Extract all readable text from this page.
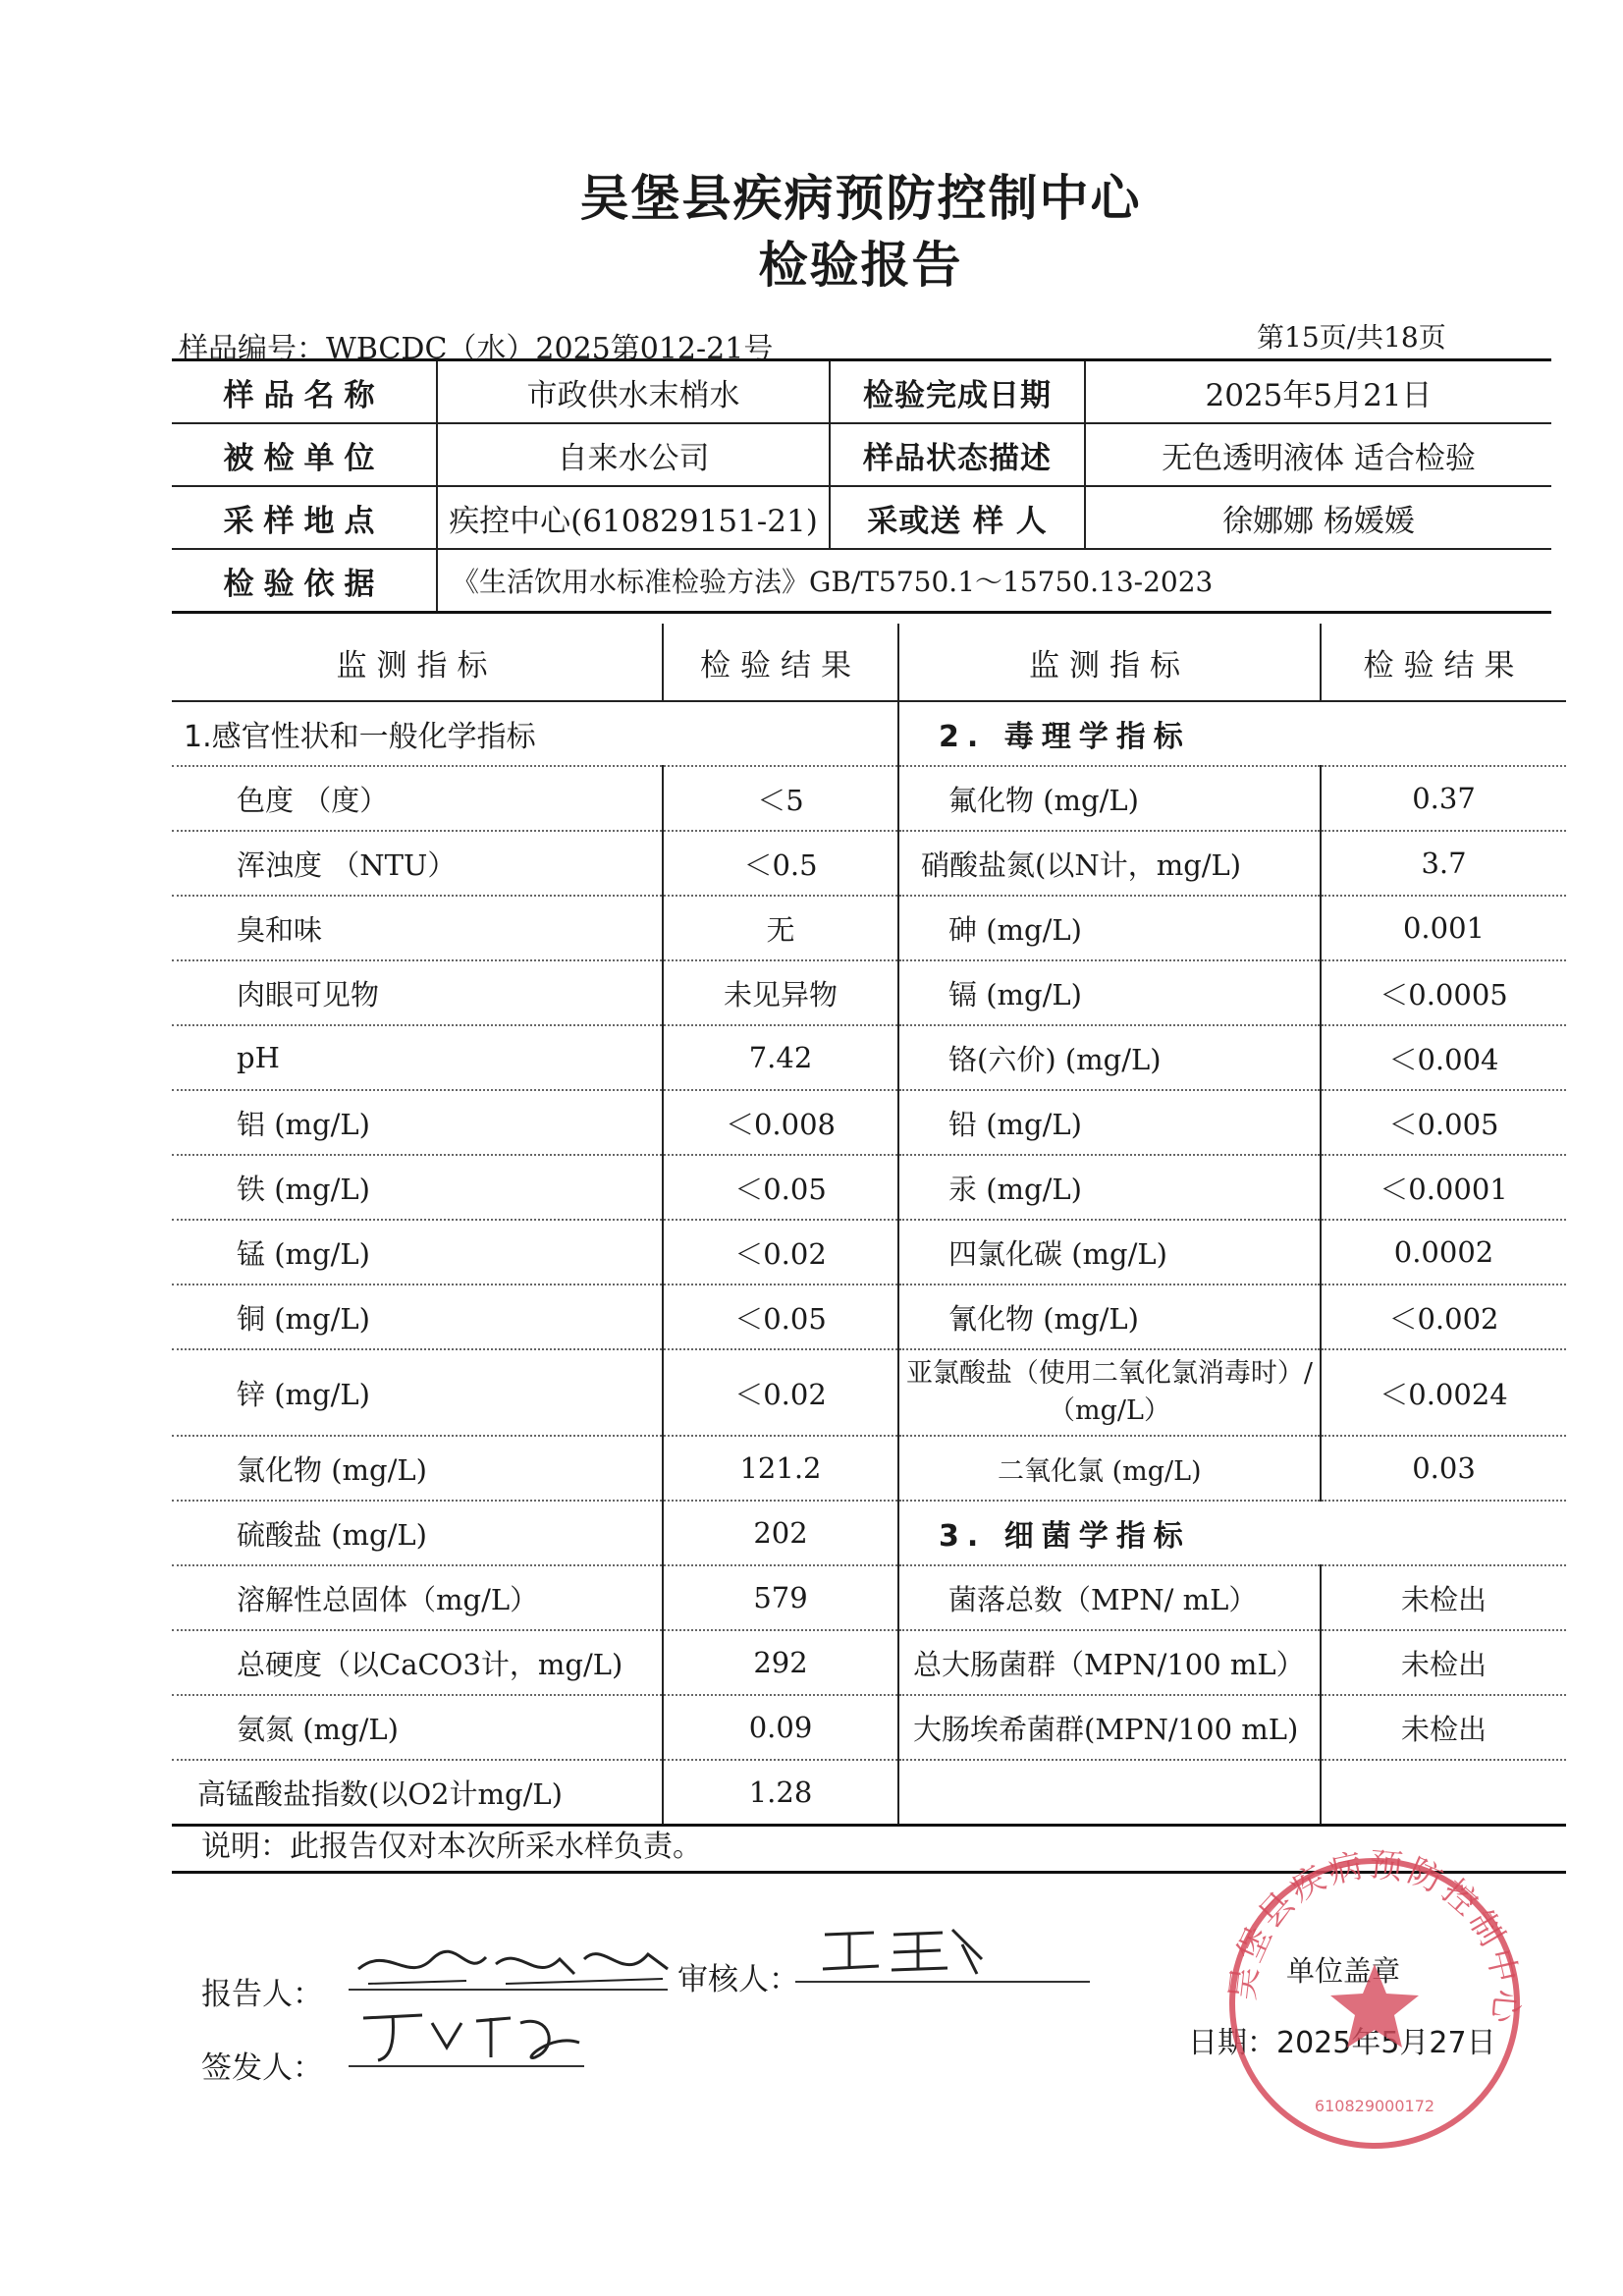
吴堡县疾病预防控制中心
检验报告
样品编号：WBCDC（水）2025第012-21号	第15页/共18页
样品名称	市政供水末梢水	检验完成日期	2025年5月21日
被检单位	自来水公司	样品状态描述	无色透明液体 适合检验
采样地点	疾控中心(610829151-21)	采或送 样 人	徐娜娜 杨媛媛
检验依据	《生活饮用水标准检验方法》GB/T5750.1～15750.13-2023		
监测指标	检验结果	监测指标	检验结果
1.感官性状和一般化学指标		2. 毒理学指标	
色度 （度）	＜5	氟化物 (mg/L)	0.37
浑浊度 （NTU）	＜0.5	硝酸盐氮(以N计，mg/L)	3.7
臭和味	无	砷 (mg/L)	0.001
肉眼可见物	未见异物	镉 (mg/L)	＜0.0005
pH	7.42	铬(六价) (mg/L)	＜0.004
铝 (mg/L)	＜0.008	铅 (mg/L)	＜0.005
铁 (mg/L)	＜0.05	汞 (mg/L)	＜0.0001
锰 (mg/L)	＜0.02	四氯化碳 (mg/L)	0.0002
铜 (mg/L)	＜0.05	氰化物 (mg/L)	＜0.002
锌 (mg/L)	＜0.02	亚氯酸盐（使用二氧化氯消毒时）/（mg/L）	＜0.0024
氯化物 (mg/L)	121.2	二氧化氯 (mg/L)	0.03
硫酸盐 (mg/L)	202	3. 细菌学指标	
溶解性总固体（mg/L）	579	菌落总数（MPN/ mL）	未检出
总硬度（以CaCO3计，mg/L)	292	总大肠菌群（MPN/100 mL）	未检出
氨氮 (mg/L)	0.09	大肠埃希菌群(MPN/100 mL)	未检出
高锰酸盐指数(以O2计mg/L)	1.28		
说明：此报告仅对本次所采水样负责。
报告人：	审核人：
签发人：
单位盖章
日期：2025年5月27日
吴堡县疾病预防控制中心
610829000172
